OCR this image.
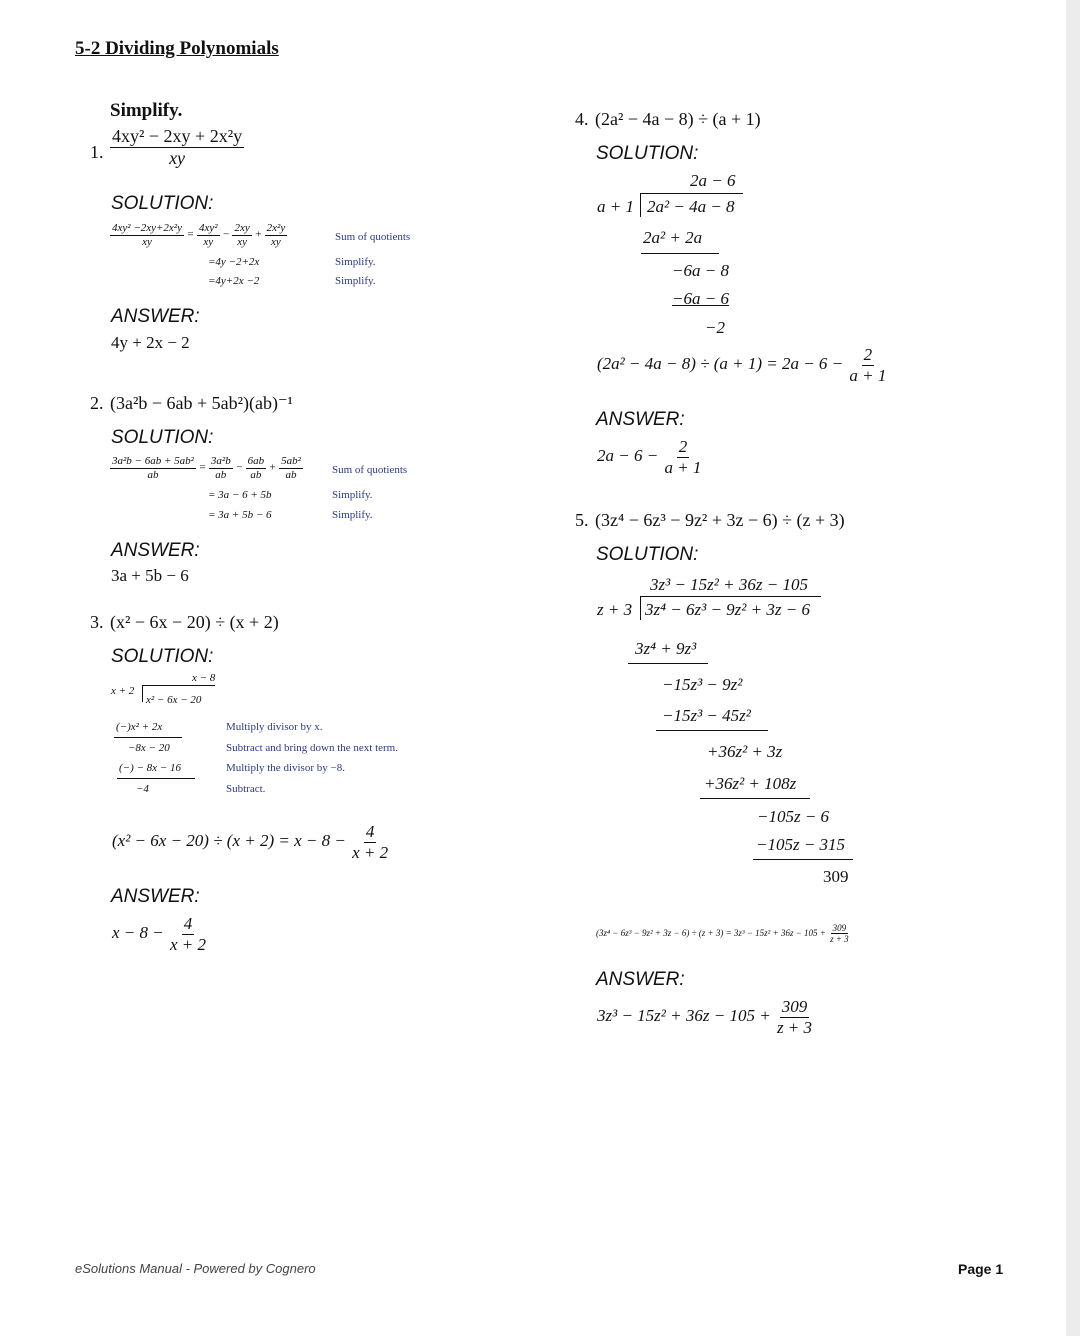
5-2 Dividing Polynomials
Simplify.
1. $\frac{\text{4xy² − 2xy + 2x²y}}{xy}$
SOLUTION:
$\frac{\text{4xy² −2xy+2x²y}}{xy} = \frac{\text{4xy²}}{xy} - \frac{2xy}{xy} + \frac{\text{2x²y}}{xy}$	Sum of quotients
=4y −2+2x	Simplify.
=4y+2x −2	Simplify.
ANSWER:
4y + 2x − 2
2. (3a²b − 6ab + 5ab²)(ab)⁻¹
SOLUTION:
$\frac{\text{3a²b − 6ab + 5ab²}}{ab} = \frac{\text{3a²b}}{ab} - \frac{6ab}{ab} + \frac{\text{5ab²}}{ab}$	Sum of quotients
= 3a − 6 + 5b	Simplify.
= 3a + 5b − 6	Simplify.
ANSWER:
3a + 5b − 6
3. (x² − 6x − 20) ÷ (x + 2)
SOLUTION:
x − 8
x + 2
x² − 6x − 20
(−)x² + 2x	Multiply divisor by x.
−8x − 20	Subtract and bring down the next term.
(−) − 8x − 16	Multiply the divisor by −8.
−4	Subtract.
$(x^2 - 6x - 20) \div (x + 2) = x - 8 - \frac{4}{x + 2}$
ANSWER:
$x - 8 - \frac{4}{x + 2}$
4. (2a² − 4a − 8) ÷ (a + 1)
SOLUTION:
2a − 6
a + 1 2a² − 4a − 8
2a² + 2a
−6a − 8
−6a − 6
−2
$(2a^2 - 4a - 8) \div (a + 1) = 2a - 6 - \frac{2}{a + 1}$
ANSWER:
$2a - 6 - \frac{2}{a + 1}$
5. (3z⁴ − 6z³ − 9z² + 3z − 6) ÷ (z + 3)
SOLUTION:
3z³ − 15z² + 36z − 105
z + 3 3z⁴ − 6z³ − 9z² + 3z − 6
3z⁴ + 9z³
−15z³ − 9z²
−15z³ − 45z²
+36z² + 3z
+36z² + 108z
−105z − 6
−105z − 315
309
$(3z^4 - 6z^3 - 9z^2 + 3z - 6) \div (z + 3) = 3z^3 - 15z^2 + 36z - 105 + \frac{309}{z + 3}$
ANSWER:
$3z^3 - 15z^2 + 36z - 105 + \frac{309}{z + 3}$
eSolutions Manual - Powered by Cognero	Page 1
